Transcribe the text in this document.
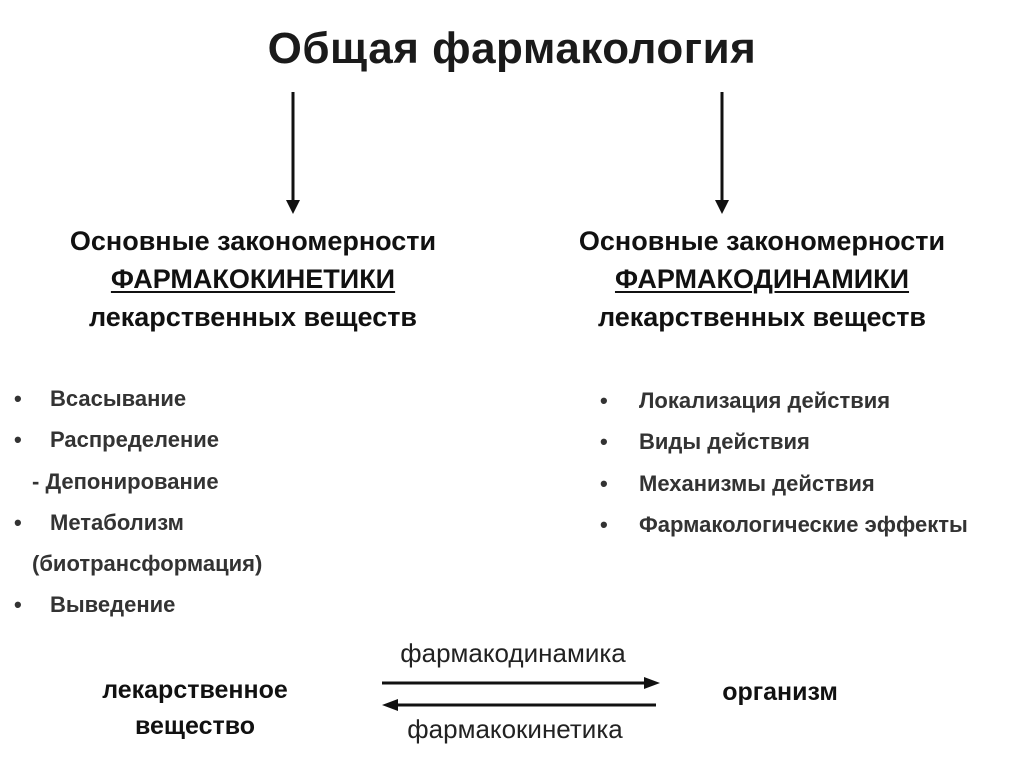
Общая фармакология
Основные закономерности
ФАРМАКОКИНЕТИКИ
лекарственных веществ
Основные закономерности
ФАРМАКОДИНАМИКИ
лекарственных веществ
• Всасывание
• Распределение
- Депонирование
• Метаболизм
(биотрансформация)
• Выведение
• Локализация действия
• Виды действия
• Механизмы действия
• Фармакологические эффекты
фармакодинамика
фармакокинетика
лекарственное вещество
организм
